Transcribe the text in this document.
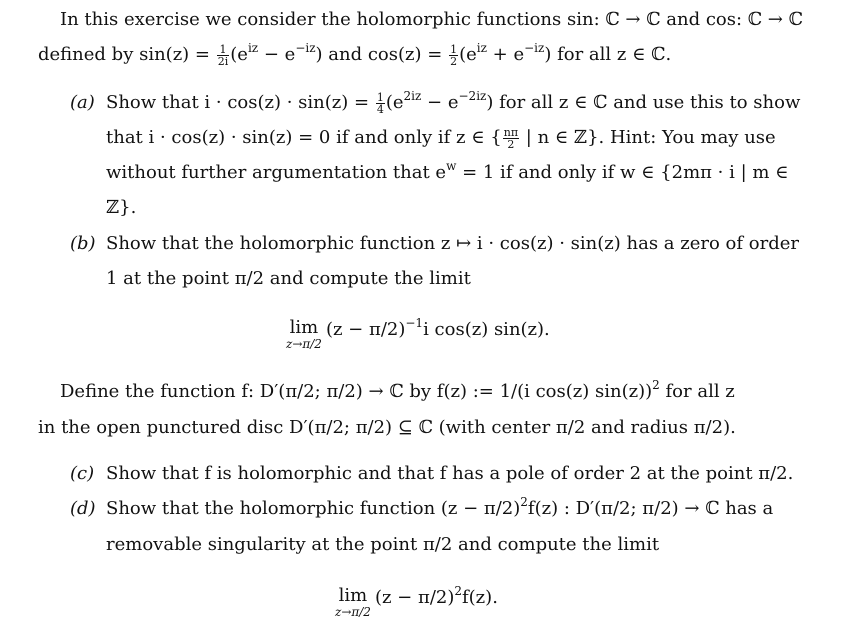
In this exercise we consider the holomorphic functions sin: ℂ → ℂ and cos: ℂ → ℂ
defined by $\sin(z) = \frac{1}{2i} (e^{iz} - e^{-iz})$ and $\cos(z) = \frac{1}{2} (e^{iz} + e^{-iz})$ for all z ∈ ℂ.
(a) Show that $i \cdot \cos(z) \cdot \sin(z) = \frac{1}{4} (e^{2iz} - e^{-2iz})$ for all z ∈ ℂ and use this to show
that i · cos(z) · sin(z) = 0 if and only if z ∈ { $\frac{n\pi}{2}$ | n ∈ ℤ}. Hint: You may use
without further argumentation that $e^w = 1$ if and only if w ∈ {2mπ · i | m ∈
ℤ}.
(b) Show that the holomorphic function z ↦ i · cos(z) · sin(z) has a zero of order
1 at the point π/2 and compute the limit
lim
z→π/2
$(z - \pi/2)^{-1}i$ cos(z) sin(z).
Define the function f: D′(π/2; π/2) → ℂ by f(z) := 1/(i cos(z) sin(z))$^2$ for all z
in the open punctured disc D′(π/2; π/2) ⊆ ℂ (with center π/2 and radius π/2).
(c) Show that f is holomorphic and that f has a pole of order 2 at the point π/2.
(d) Show that the holomorphic function $(z - \pi/2)^2f(z)$ : D′(π/2; π/2) → ℂ has a
removable singularity at the point π/2 and compute the limit
lim
z→π/2
$(z - \pi/2)^2f(z)$.
